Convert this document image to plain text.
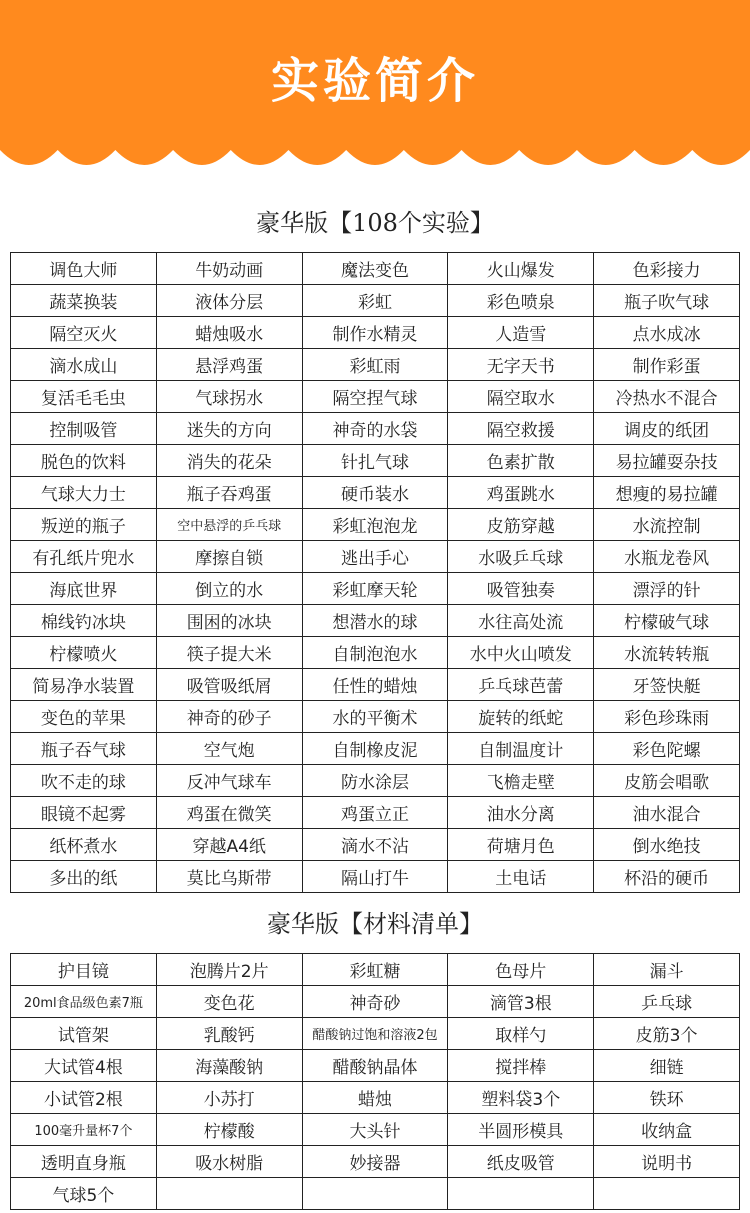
实验简介
豪华版【108个实验】
调色大师	牛奶动画	魔法变色	火山爆发	色彩接力
蔬菜换装	液体分层	彩虹	彩色喷泉	瓶子吹气球
隔空灭火	蜡烛吸水	制作水精灵	人造雪	点水成冰
滴水成山	悬浮鸡蛋	彩虹雨	无字天书	制作彩蛋
复活毛毛虫	气球拐水	隔空捏气球	隔空取水	冷热水不混合
控制吸管	迷失的方向	神奇的水袋	隔空救援	调皮的纸团
脱色的饮料	消失的花朵	针扎气球	色素扩散	易拉罐耍杂技
气球大力士	瓶子吞鸡蛋	硬币装水	鸡蛋跳水	想瘦的易拉罐
叛逆的瓶子	空中悬浮的乒乓球	彩虹泡泡龙	皮筋穿越	水流控制
有孔纸片兜水	摩擦自锁	逃出手心	水吸乒乓球	水瓶龙卷风
海底世界	倒立的水	彩虹摩天轮	吸管独奏	漂浮的针
棉线钓冰块	围困的冰块	想潜水的球	水往高处流	柠檬破气球
柠檬喷火	筷子提大米	自制泡泡水	水中火山喷发	水流转转瓶
简易净水装置	吸管吸纸屑	任性的蜡烛	乒乓球芭蕾	牙签快艇
变色的苹果	神奇的砂子	水的平衡术	旋转的纸蛇	彩色珍珠雨
瓶子吞气球	空气炮	自制橡皮泥	自制温度计	彩色陀螺
吹不走的球	反冲气球车	防水涂层	飞檐走壁	皮筋会唱歌
眼镜不起雾	鸡蛋在微笑	鸡蛋立正	油水分离	油水混合
纸杯煮水	穿越A4纸	滴水不沾	荷塘月色	倒水绝技
多出的纸	莫比乌斯带	隔山打牛	土电话	杯沿的硬币
豪华版【材料清单】
护目镜	泡腾片2片	彩虹糖	色母片	漏斗
20ml食品级色素7瓶	变色花	神奇砂	滴管3根	乒乓球
试管架	乳酸钙	醋酸钠过饱和溶液2包	取样勺	皮筋3个
大试管4根	海藻酸钠	醋酸钠晶体	搅拌棒	细链
小试管2根	小苏打	蜡烛	塑料袋3个	铁环
100毫升量杯7个	柠檬酸	大头针	半圆形模具	收纳盒
透明直身瓶	吸水树脂	妙接器	纸皮吸管	说明书
气球5个				
